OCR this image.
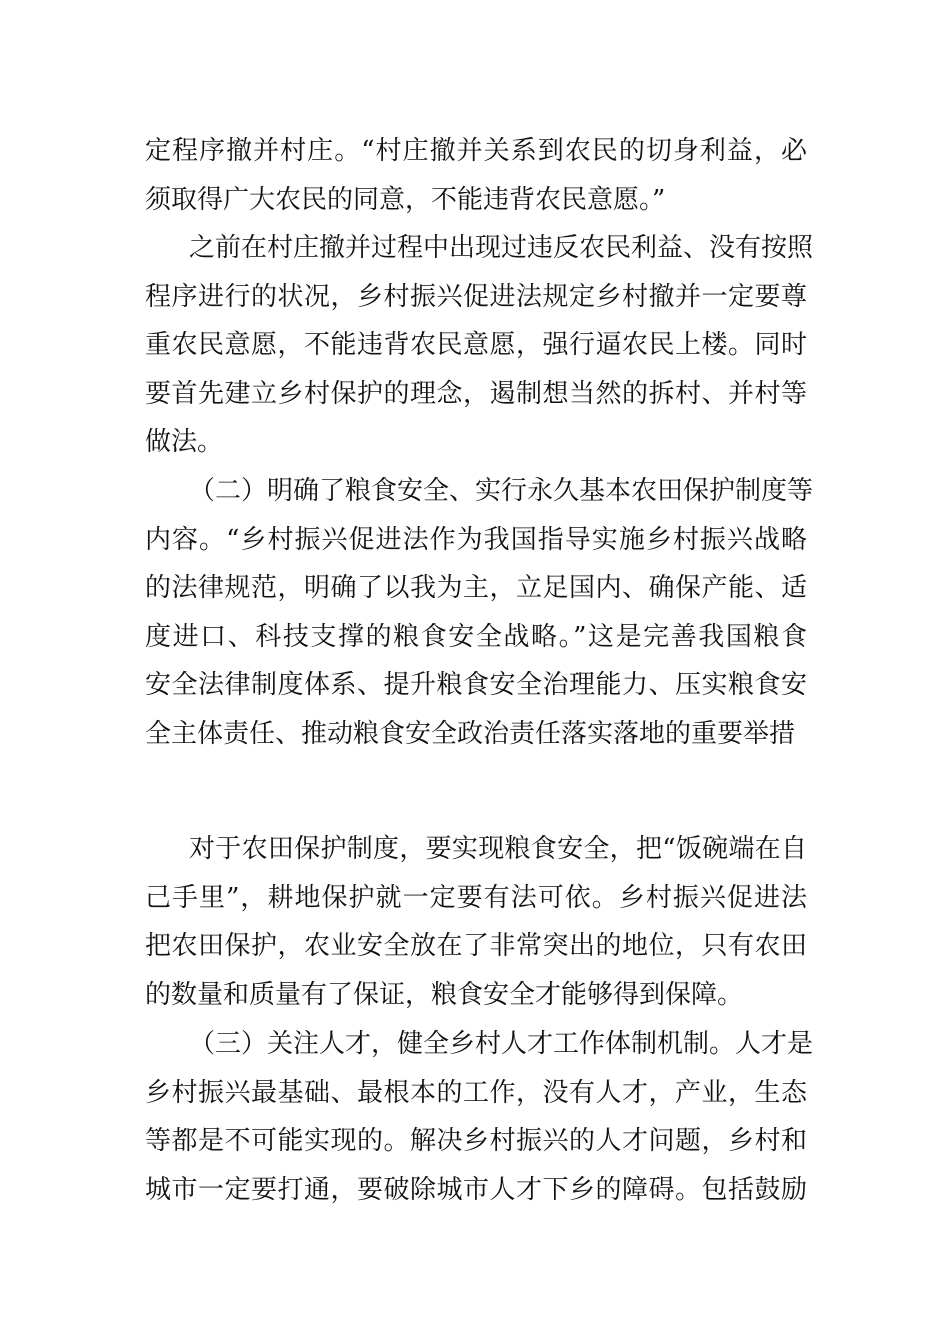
定程序撤并村庄。“村庄撤并关系到农民的切身利益，必
须取得广大农民的同意，不能违背农民意愿。”
之前在村庄撤并过程中出现过违反农民利益、没有按照
程序进行的状况，乡村振兴促进法规定乡村撤并一定要尊
重农民意愿，不能违背农民意愿，强行逼农民上楼。同时
要首先建立乡村保护的理念，遏制想当然的拆村、并村等
做法。
（二）明确了粮食安全、实行永久基本农田保护制度等
内容。“乡村振兴促进法作为我国指导实施乡村振兴战略
的法律规范，明确了以我为主，立足国内、确保产能、适
度进口、科技支撑的粮食安全战略。”这是完善我国粮食
安全法律制度体系、提升粮食安全治理能力、压实粮食安
全主体责任、推动粮食安全政治责任落实落地的重要举措
对于农田保护制度，要实现粮食安全，把“饭碗端在自
己手里”，耕地保护就一定要有法可依。乡村振兴促进法
把农田保护，农业安全放在了非常突出的地位，只有农田
的数量和质量有了保证，粮食安全才能够得到保障。
（三）关注人才，健全乡村人才工作体制机制。人才是
乡村振兴最基础、最根本的工作，没有人才，产业，生态
等都是不可能实现的。解决乡村振兴的人才问题，乡村和
城市一定要打通，要破除城市人才下乡的障碍。包括鼓励
